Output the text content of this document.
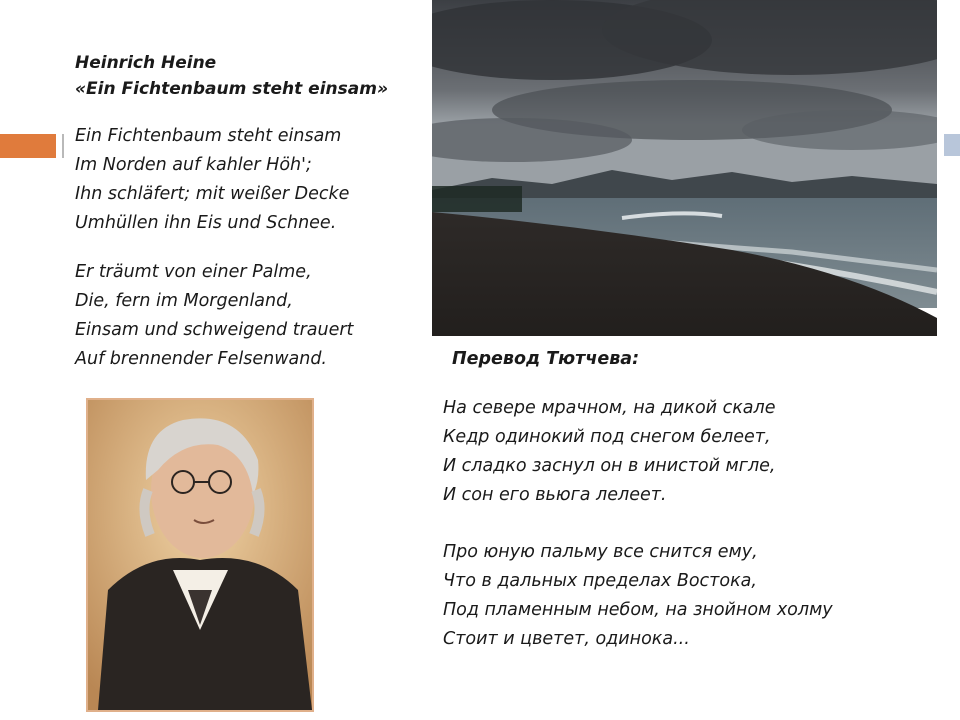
Heinrich Heine

«Ein Fichtenbaum steht einsam»

Ein Fichtenbaum steht einsam

Im Norden auf kahler Höh';

Ihn schläfert; mit weißer Decke

Umhüllen ihn Eis und Schnee.

Er träumt von einer Palme,

Die, fern im Morgenland,

Einsam und schweigend trauert

Auf brennender Felsenwand.	Перевод Тютчева:

На севере мрачном, на дикой скале

Кедр одинокий под снегом белеет,

И сладко заснул он в инистой мгле,

И сон его вьюга лелеет.

Про юную пальму все снится ему,

Что в дальных пределах Востока,

Под пламенным небом, на знойном холму

Стоит и цветет, одинока...
